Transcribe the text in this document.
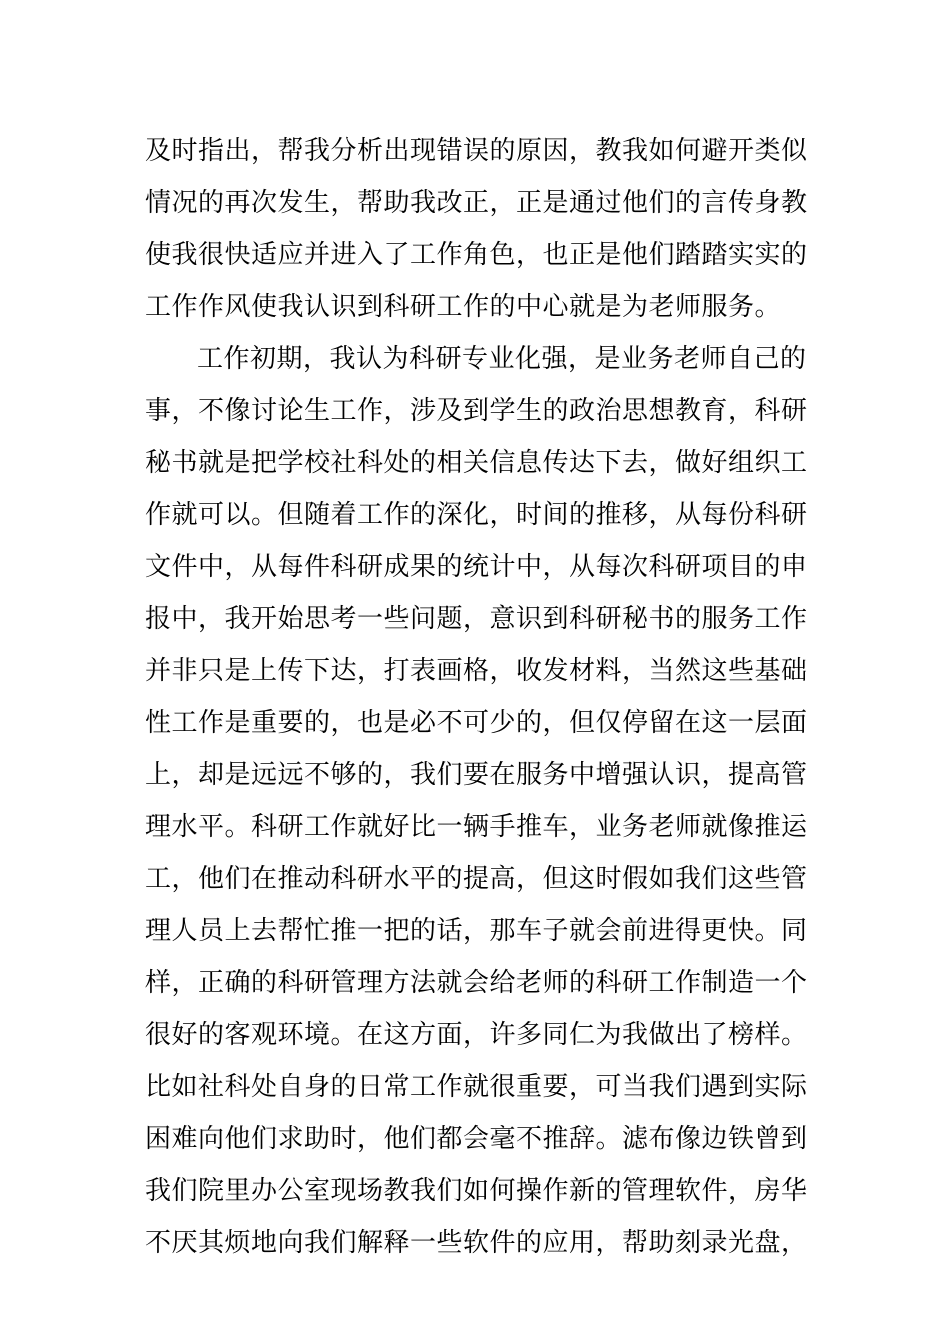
及时指出，帮我分析出现错误的原因，教我如何避开类似
情况的再次发生，帮助我改正，正是通过他们的言传身教
使我很快适应并进入了工作角色，也正是他们踏踏实实的
工作作风使我认识到科研工作的中心就是为老师服务。
工作初期，我认为科研专业化强，是业务老师自己的
事，不像讨论生工作，涉及到学生的政治思想教育，科研
秘书就是把学校社科处的相关信息传达下去，做好组织工
作就可以。但随着工作的深化，时间的推移，从每份科研
文件中，从每件科研成果的统计中，从每次科研项目的申
报中，我开始思考一些问题，意识到科研秘书的服务工作
并非只是上传下达，打表画格，收发材料，当然这些基础
性工作是重要的，也是必不可少的，但仅停留在这一层面
上，却是远远不够的，我们要在服务中增强认识，提高管
理水平。科研工作就好比一辆手推车，业务老师就像推运
工，他们在推动科研水平的提高，但这时假如我们这些管
理人员上去帮忙推一把的话，那车子就会前进得更快。同
样，正确的科研管理方法就会给老师的科研工作制造一个
很好的客观环境。在这方面，许多同仁为我做出了榜样。
比如社科处自身的日常工作就很重要，可当我们遇到实际
困难向他们求助时，他们都会毫不推辞。滤布像边铁曾到
我们院里办公室现场教我们如何操作新的管理软件，房华
不厌其烦地向我们解释一些软件的应用，帮助刻录光盘，
